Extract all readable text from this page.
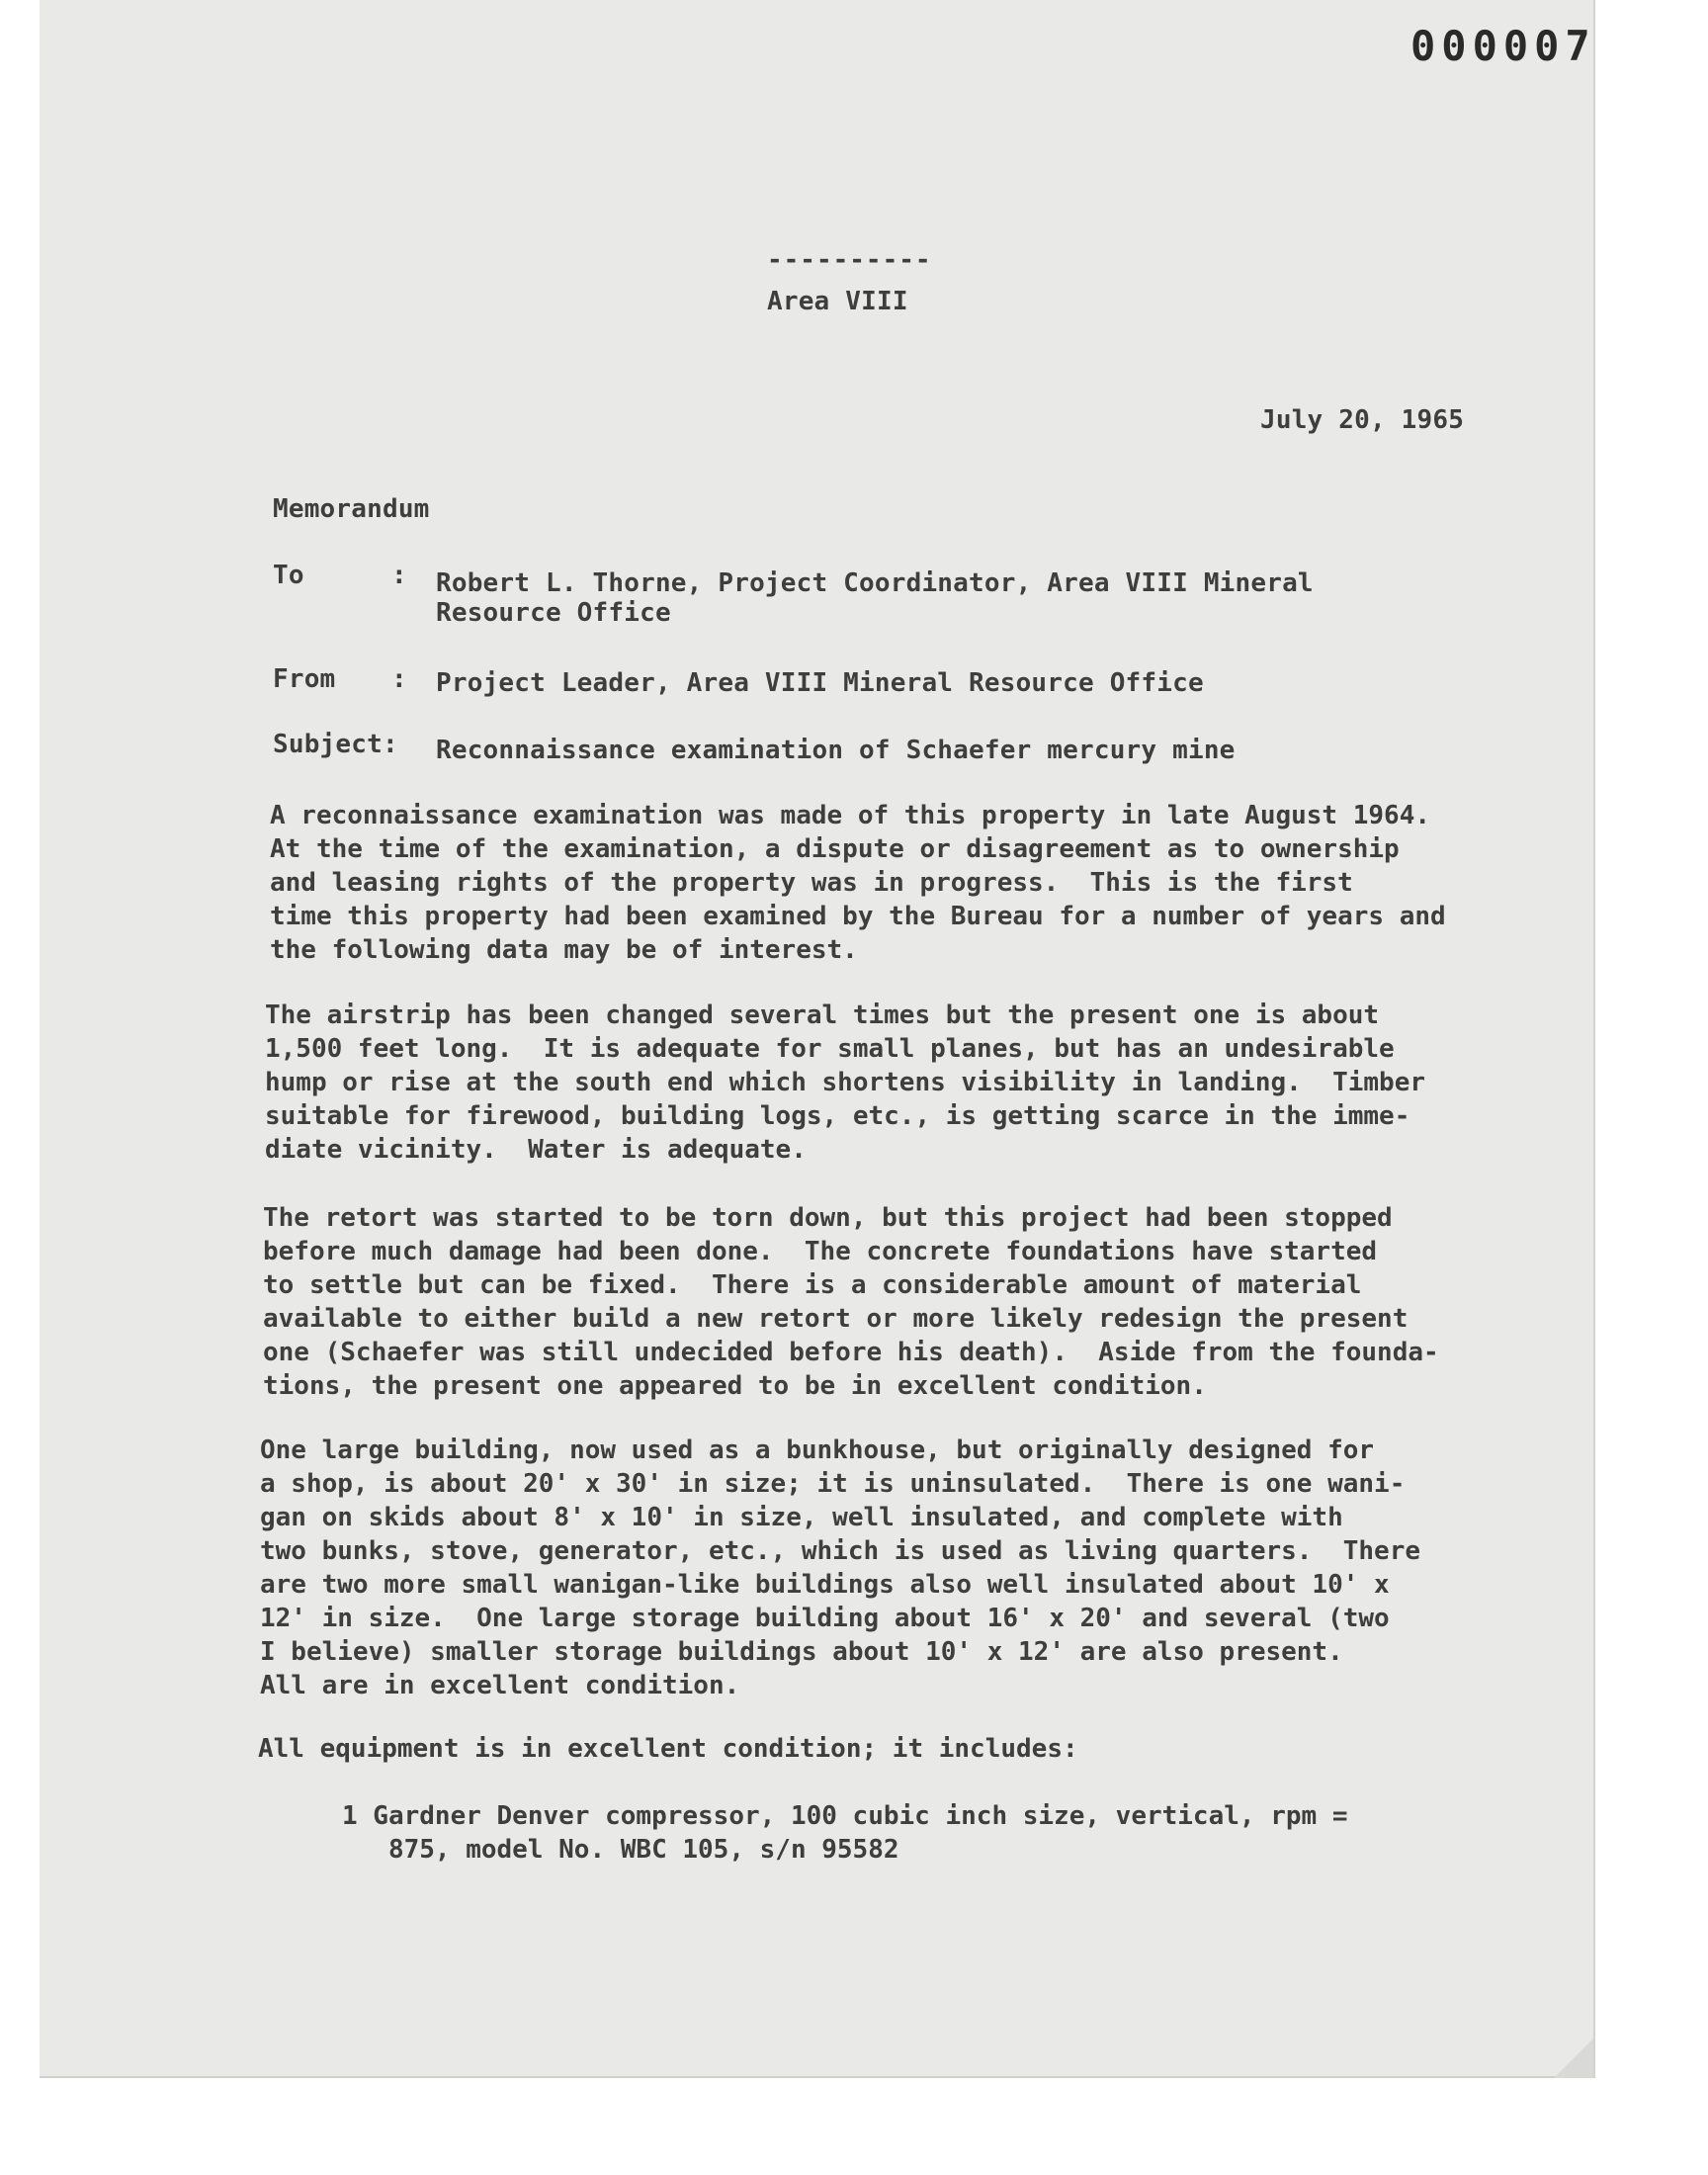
000007
----------
Area VIII
July 20, 1965
Memorandum
To	: Robert L. Thorne, Project Coordinator, Area VIII Mineral
Resource Office
From : Project Leader, Area VIII Mineral Resource Office
Subject: Reconnaissance examination of Schaefer mercury mine

A reconnaissance examination was made of this property in late August 1964.
At the time of the examination, a dispute or disagreement as to ownership
and leasing rights of the property was in progress.  This is the first
time this property had been examined by the Bureau for a number of years and
the following data may be of interest.

The airstrip has been changed several times but the present one is about
1,500 feet long.  It is adequate for small planes, but has an undesirable
hump or rise at the south end which shortens visibility in landing.  Timber
suitable for firewood, building logs, etc., is getting scarce in the imme-
diate vicinity.  Water is adequate.

The retort was started to be torn down, but this project had been stopped
before much damage had been done.  The concrete foundations have started
to settle but can be fixed.  There is a considerable amount of material
available to either build a new retort or more likely redesign the present
one (Schaefer was still undecided before his death).  Aside from the founda-
tions, the present one appeared to be in excellent condition.

One large building, now used as a bunkhouse, but originally designed for
a shop, is about 20' x 30' in size; it is uninsulated.  There is one wani-
gan on skids about 8' x 10' in size, well insulated, and complete with
two bunks, stove, generator, etc., which is used as living quarters.  There
are two more small wanigan-like buildings also well insulated about 10' x
12' in size.  One large storage building about 16' x 20' and several (two
I believe) smaller storage buildings about 10' x 12' are also present.
All are in excellent condition.

All equipment is in excellent condition; it includes:

1 Gardner Denver compressor, 100 cubic inch size, vertical, rpm =
875, model No. WBC 105, s/n 95582
